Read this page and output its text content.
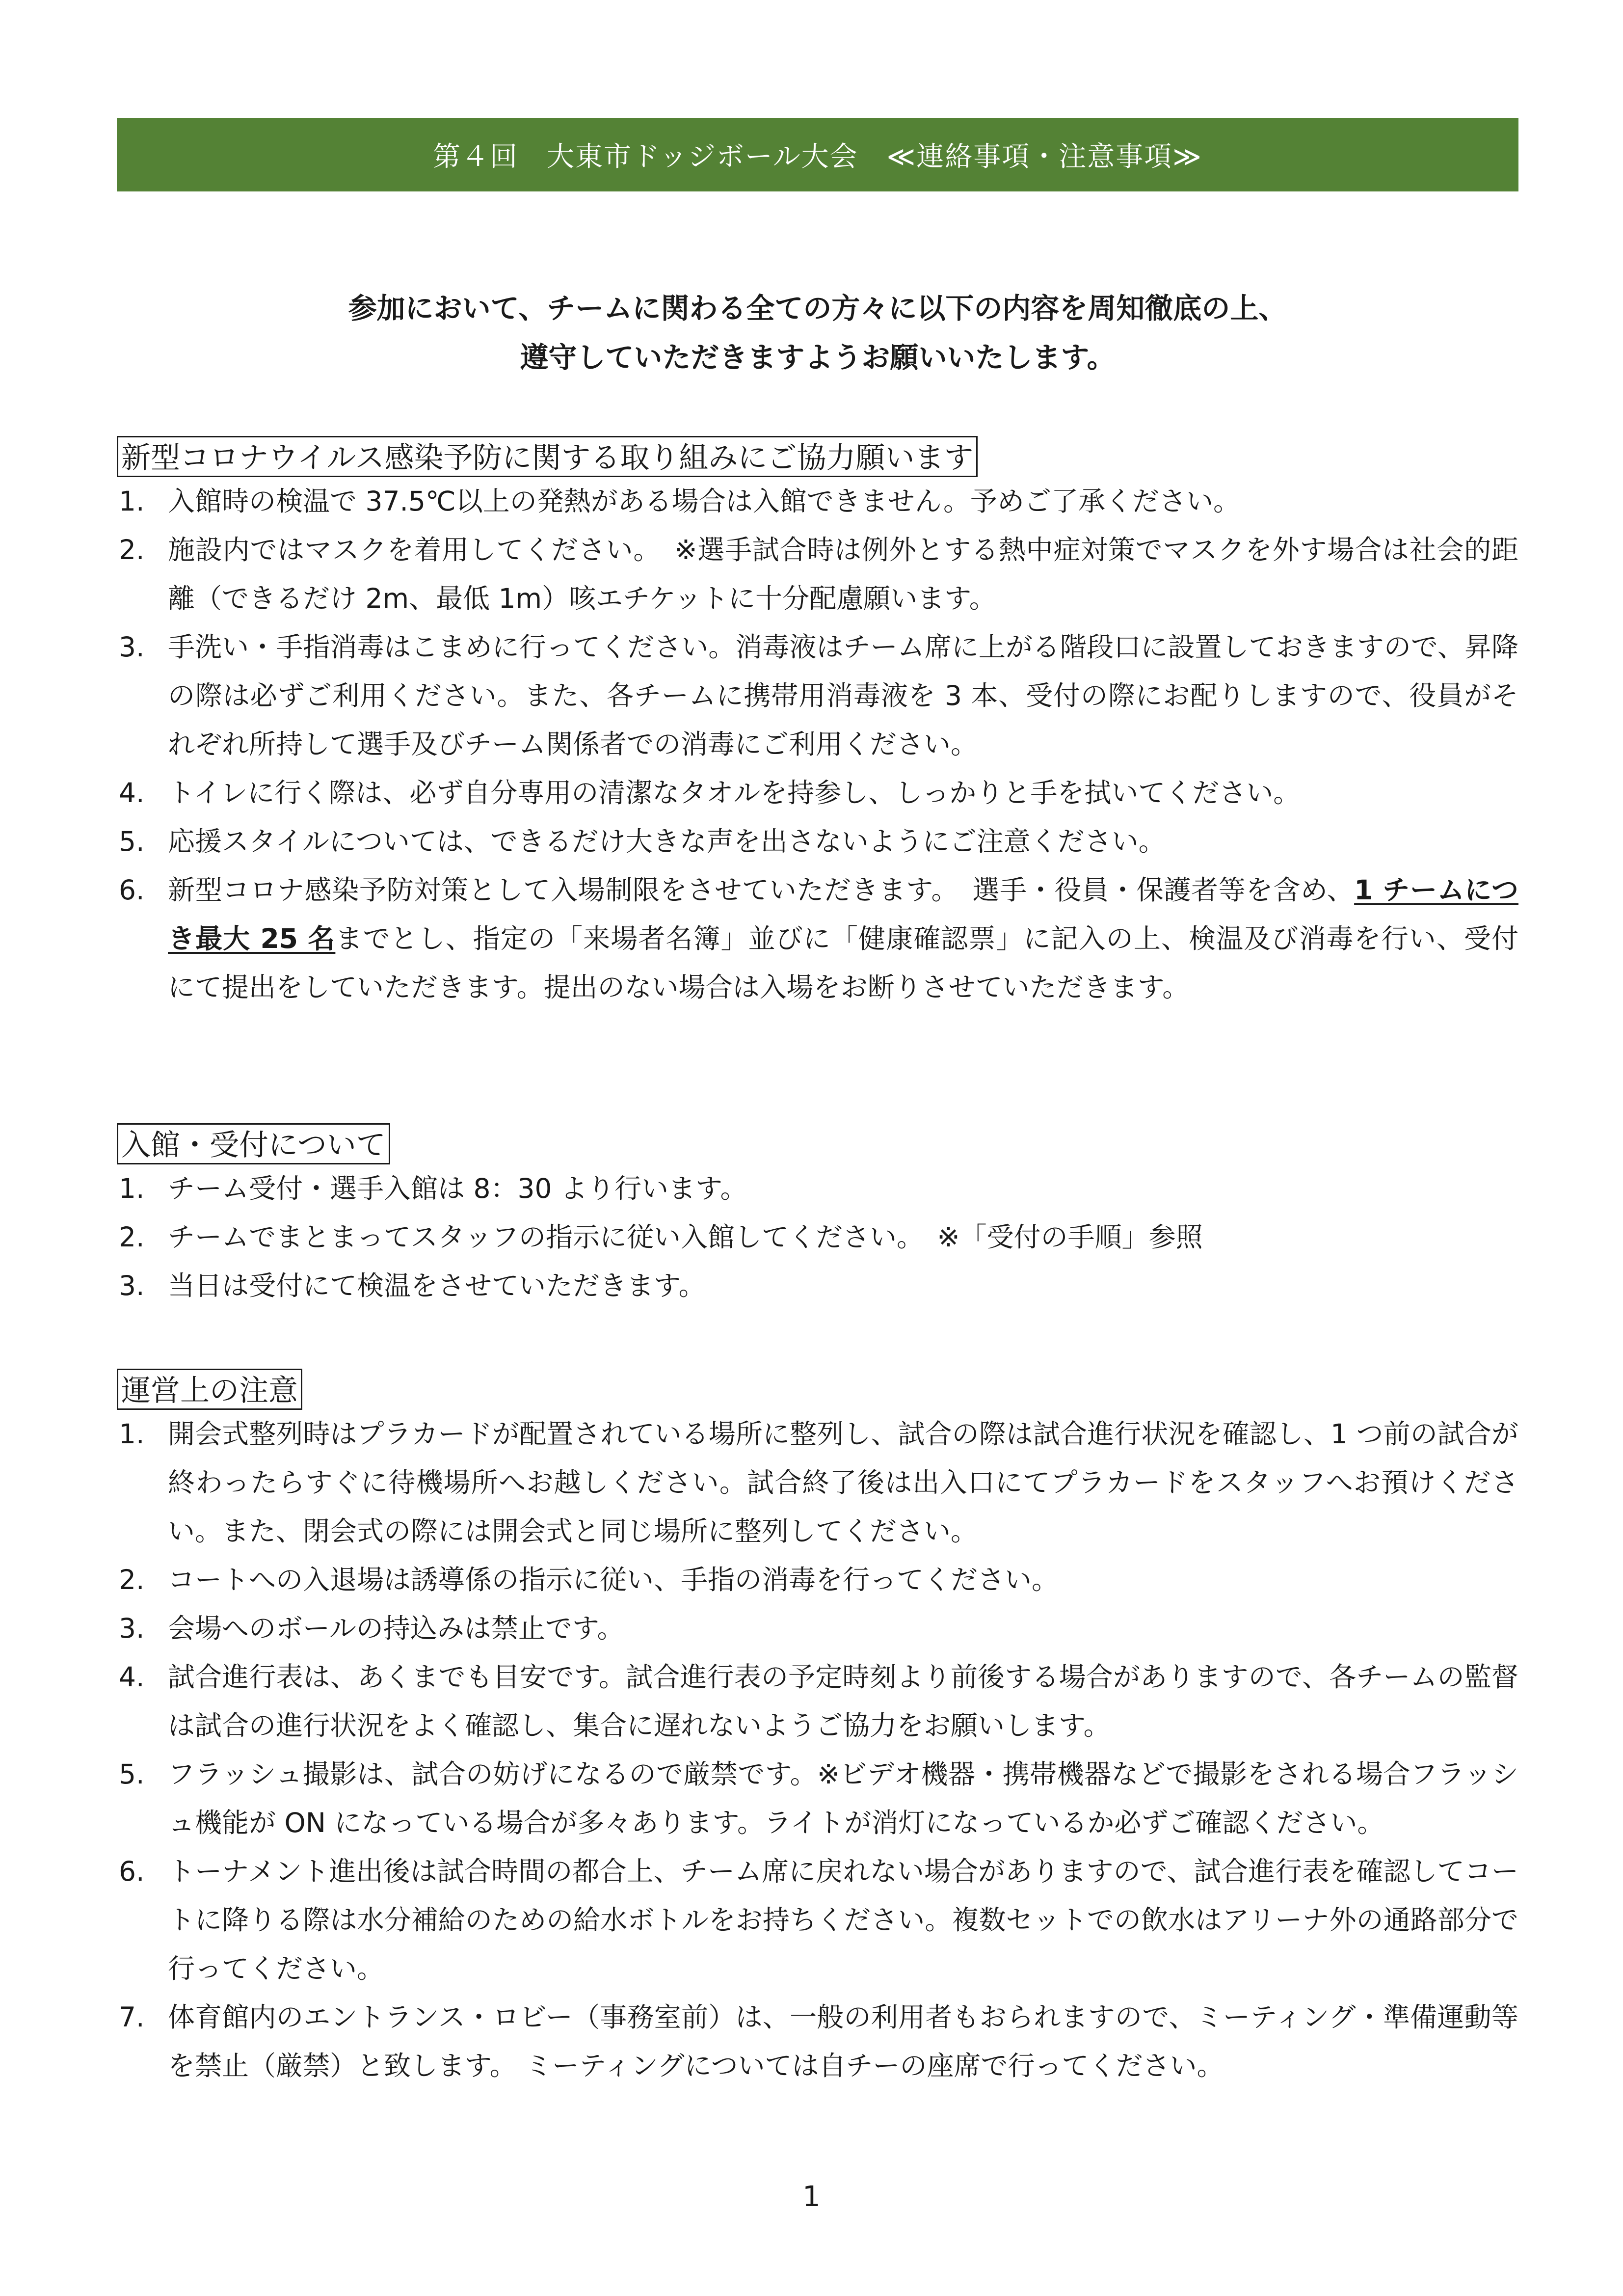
第４回　大東市ドッジボール大会　≪連絡事項・注意事項≫
参加において、チームに関わる全ての方々に以下の内容を周知徹底の上、
遵守していただきますようお願いいたします。
新型コロナウイルス感染予防に関する取り組みにご協力願います
1. 入館時の検温で 37.5℃以上の発熱がある場合は入館できません。予めご了承ください。
2. 施設内ではマスクを着用してください。　※選手試合時は例外とする熱中症対策でマスクを外す場合は社会的距離（できるだけ 2m、最低 1m）咳エチケットに十分配慮願います。
3. 手洗い・手指消毒はこまめに行ってください。消毒液はチーム席に上がる階段口に設置しておきますので、昇降の際は必ずご利用ください。また、各チームに携帯用消毒液を 3 本、受付の際にお配りしますので、役員がそれぞれ所持して選手及びチーム関係者での消毒にご利用ください。
4. トイレに行く際は、必ず自分専用の清潔なタオルを持参し、しっかりと手を拭いてください。
5. 応援スタイルについては、できるだけ大きな声を出さないようにご注意ください。
6. 新型コロナ感染予防対策として入場制限をさせていただきます。　選手・役員・保護者等を含め、1 チームにつき最大 25 名までとし、指定の「来場者名簿」並びに「健康確認票」に記入の上、検温及び消毒を行い、受付にて提出をしていただきます。提出のない場合は入場をお断りさせていただきます。
入館・受付について
1. チーム受付・選手入館は 8：30 より行います。
2. チームでまとまってスタッフの指示に従い入館してください。　※「受付の手順」参照
3. 当日は受付にて検温をさせていただきます。
運営上の注意
1. 開会式整列時はプラカードが配置されている場所に整列し、試合の際は試合進行状況を確認し、1 つ前の試合が終わったらすぐに待機場所へお越しください。試合終了後は出入口にてプラカードをスタッフへお預けください。また、閉会式の際には開会式と同じ場所に整列してください。
2. コートへの入退場は誘導係の指示に従い、手指の消毒を行ってください。
3. 会場へのボールの持込みは禁止です。
4. 試合進行表は、あくまでも目安です。試合進行表の予定時刻より前後する場合がありますので、各チームの監督は試合の進行状況をよく確認し、集合に遅れないようご協力をお願いします。
5. フラッシュ撮影は、試合の妨げになるので厳禁です。※ビデオ機器・携帯機器などで撮影をされる場合フラッシュ機能が ON になっている場合が多々あります。ライトが消灯になっているか必ずご確認ください。
6. トーナメント進出後は試合時間の都合上、チーム席に戻れない場合がありますので、試合進行表を確認してコートに降りる際は水分補給のための給水ボトルをお持ちください。複数セットでの飲水はアリーナ外の通路部分で行ってください。
7. 体育館内のエントランス・ロビー（事務室前）は、一般の利用者もおられますので、ミーティング・準備運動等を禁止（厳禁）と致します。 ミーティングについては自チーの座席で行ってください。
1
